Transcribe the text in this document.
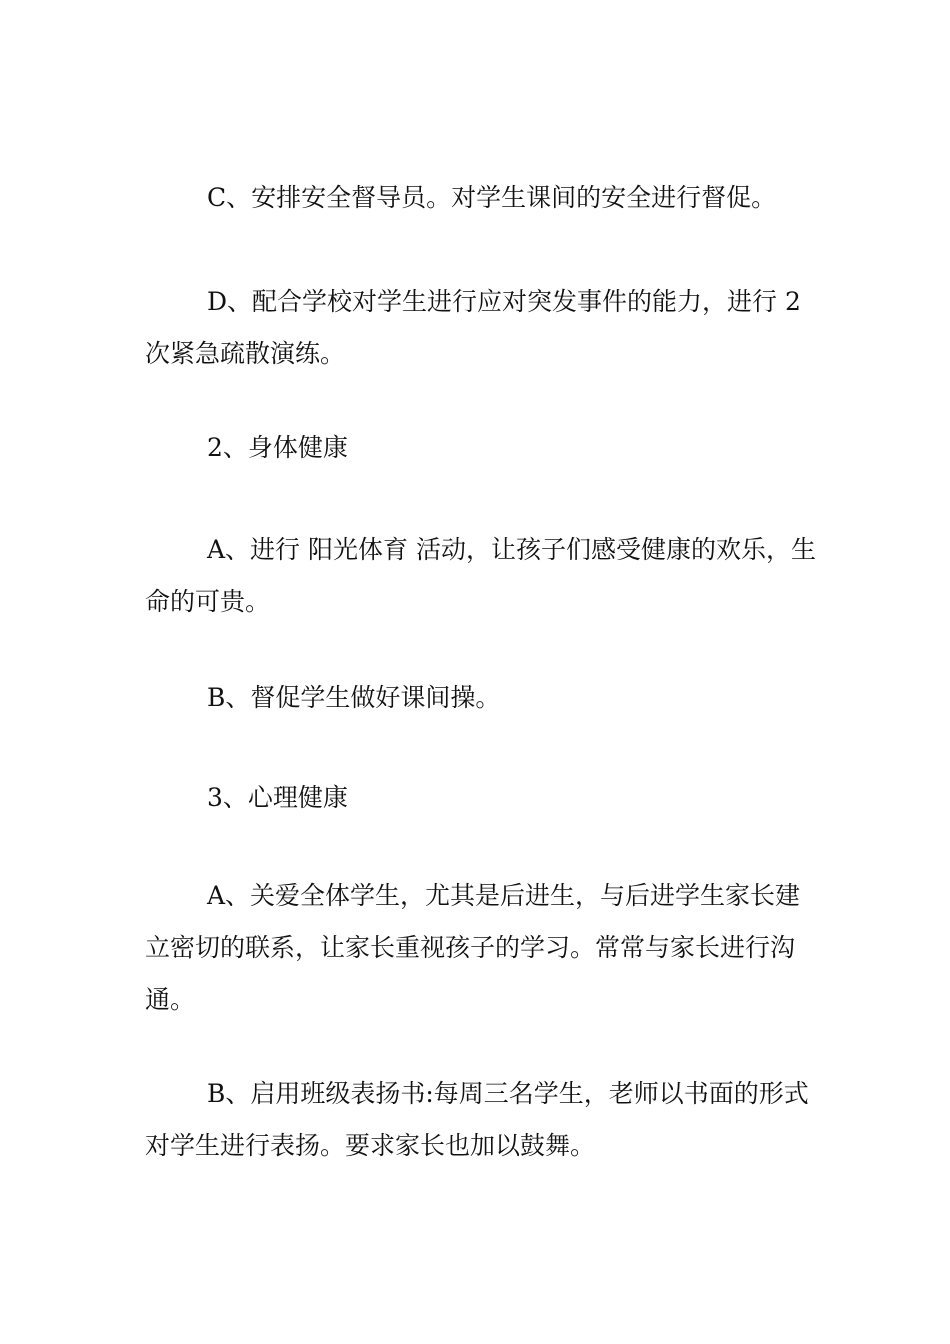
C、安排安全督导员。对学生课间的安全进行督促。

D、配合学校对学生进行应对突发事件的能力，进行 2 次紧急疏散演练。

2、身体健康

A、进行 阳光体育 活动，让孩子们感受健康的欢乐，生命的可贵。

B、督促学生做好课间操。

3、心理健康

A、关爱全体学生，尤其是后进生，与后进学生家长建立密切的联系，让家长重视孩子的学习。常常与家长进行沟通。

B、启用班级表扬书:每周三名学生，老师以书面的形式对学生进行表扬。要求家长也加以鼓舞。
